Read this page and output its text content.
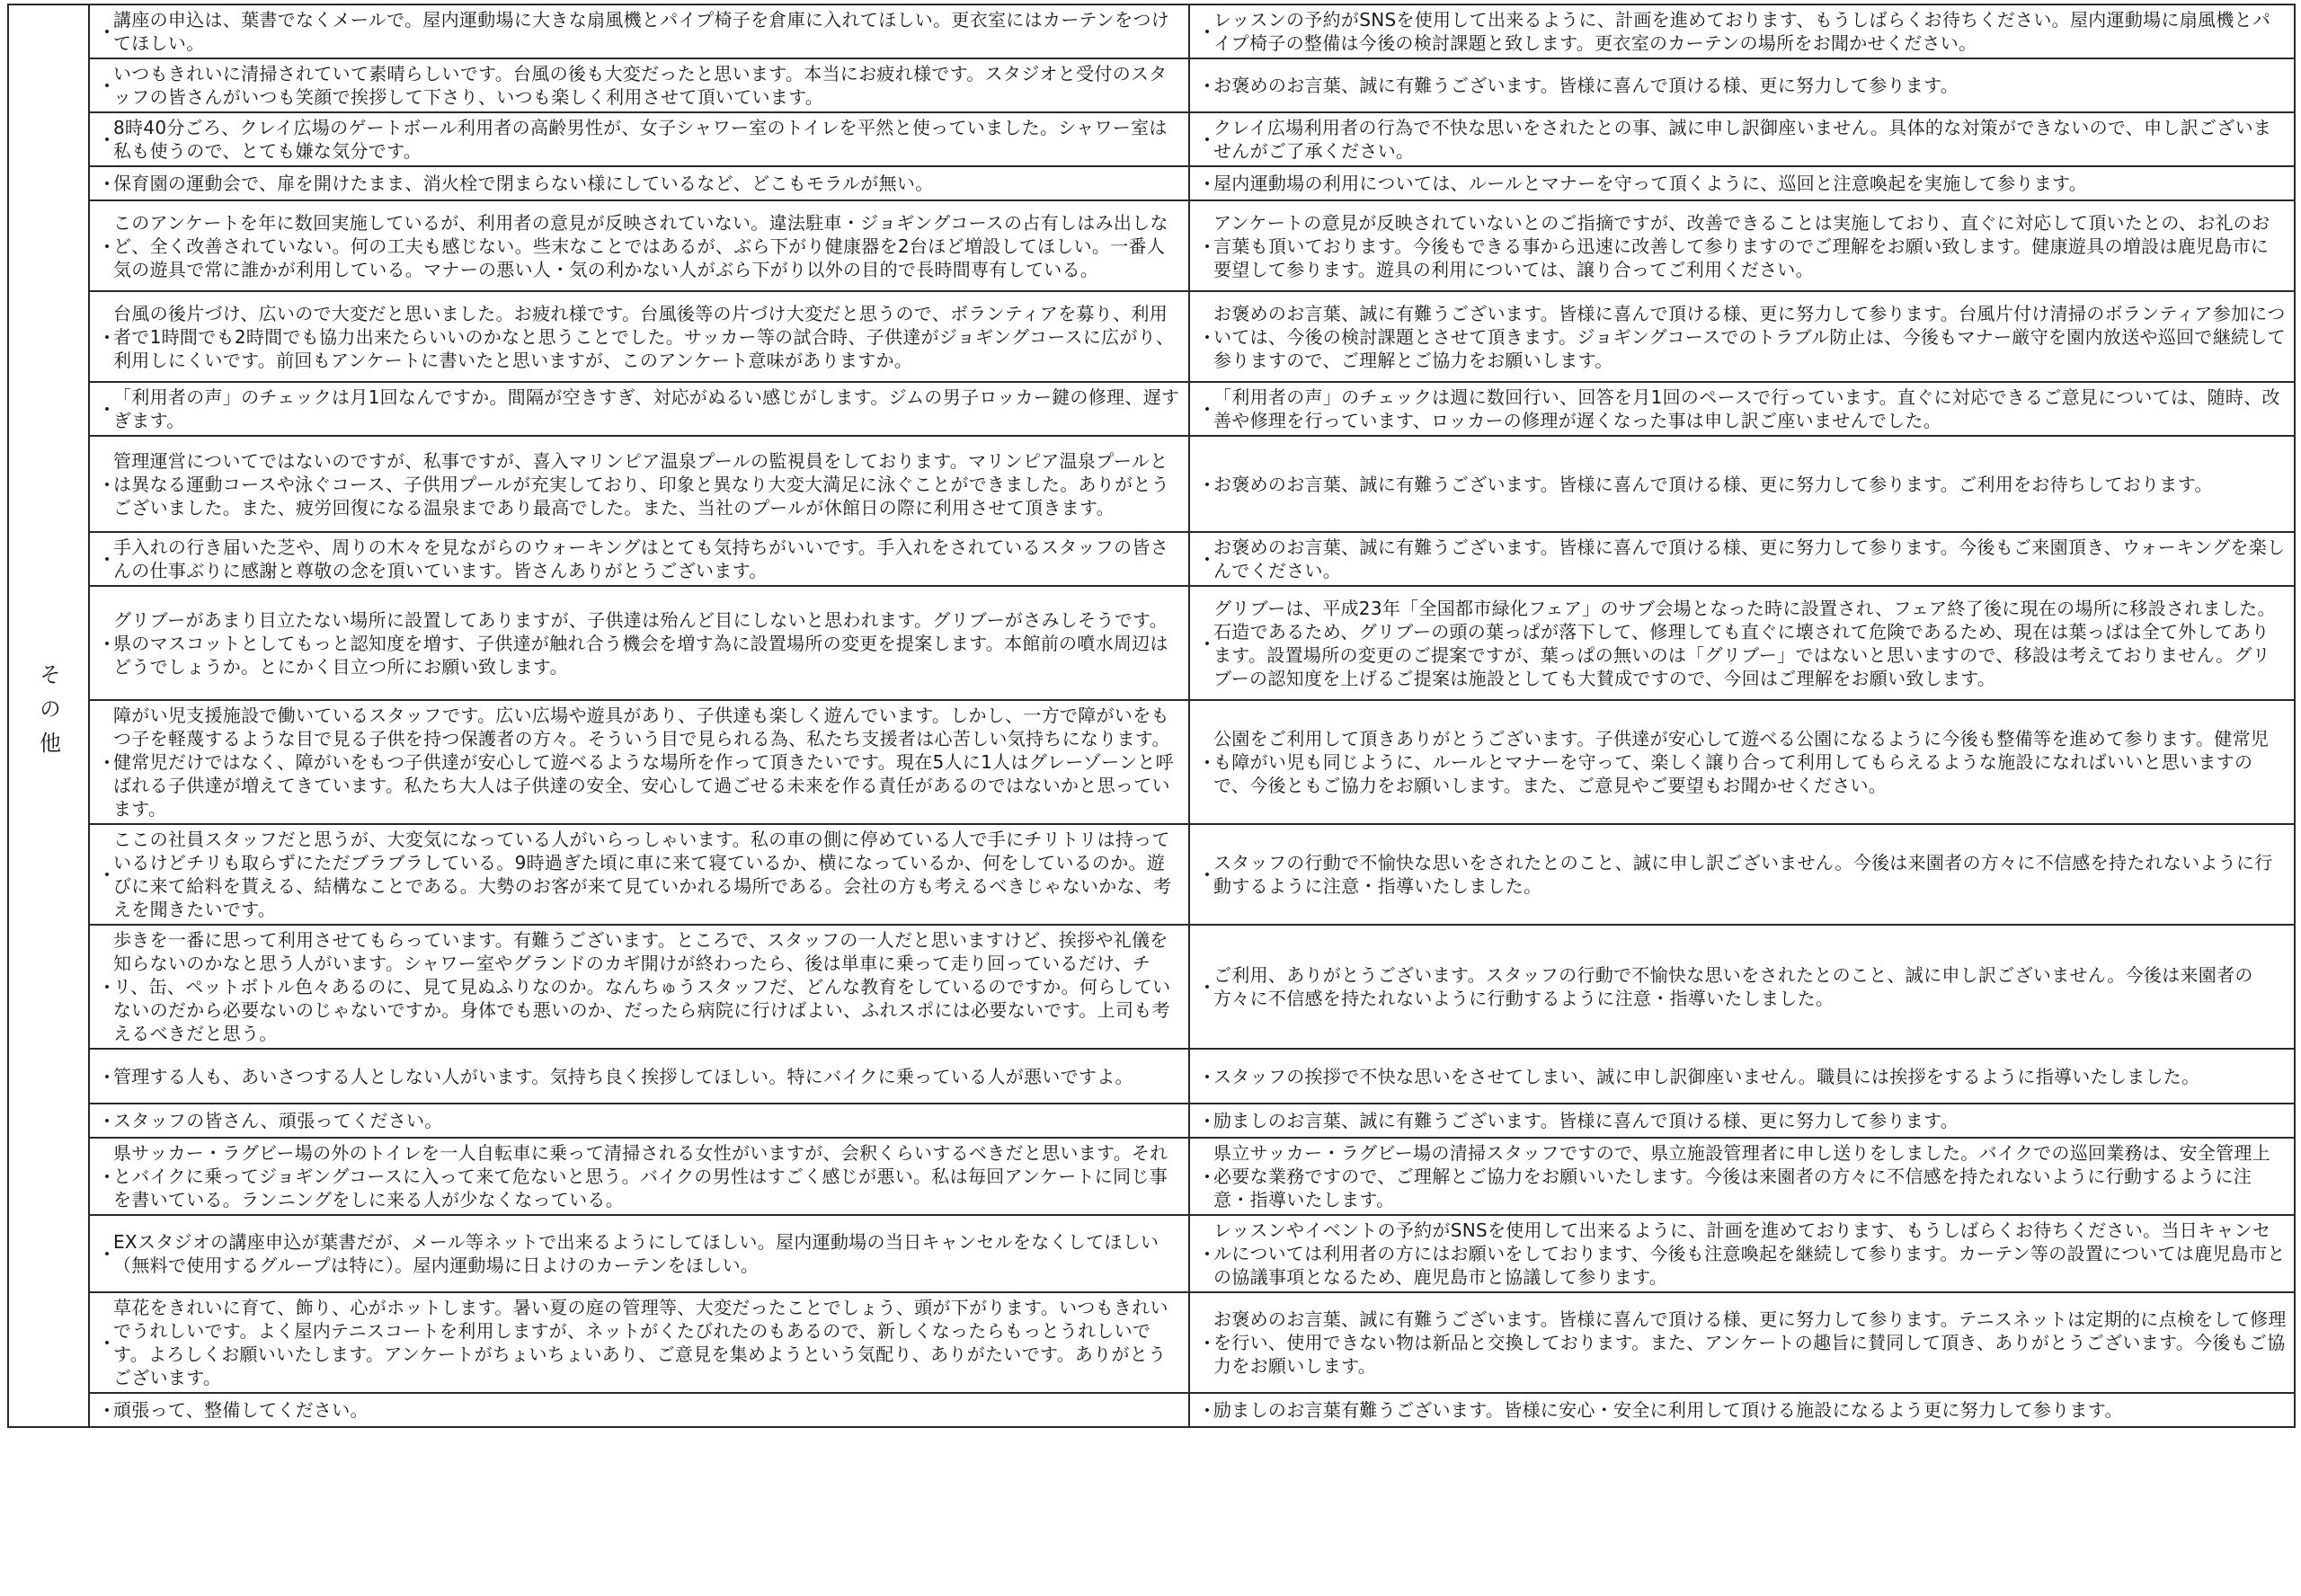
その他	・
講座の申込は、葉書でなくメールで。屋内運動場に大きな扇風機とパイプ椅子を倉庫に入れてほしい。更衣室にはカーテンをつけてほしい。	・
レッスンの予約がSNSを使用して出来るように、計画を進めております、もうしばらくお待ちください。屋内運動場に扇風機とパイプ椅子の整備は今後の検討課題と致します。更衣室のカーテンの場所をお聞かせください。

	・
いつもきれいに清掃されていて素晴らしいです。台風の後も大変だったと思います。本当にお疲れ様です。スタジオと受付のスタッフの皆さんがいつも笑顔で挨拶して下さり、いつも楽しく利用させて頂いています。	・
お褒めのお言葉、誠に有難うございます。皆様に喜んで頂ける様、更に努力して参ります。

	・
8時40分ごろ、クレイ広場のゲートボール利用者の高齢男性が、女子シャワー室のトイレを平然と使っていました。シャワー室は私も使うので、とても嫌な気分です。	・
クレイ広場利用者の行為で不快な思いをされたとの事、誠に申し訳御座いません。具体的な対策ができないので、申し訳ございませんがご了承ください。

	・
保育園の運動会で、扉を開けたまま、消火栓で閉まらない様にしているなど、どこもモラルが無い。	・
屋内運動場の利用については、ルールとマナーを守って頂くように、巡回と注意喚起を実施して参ります。

	・
このアンケートを年に数回実施しているが、利用者の意見が反映されていない。違法駐車・ジョギングコースの占有しはみ出しなど、全く改善されていない。何の工夫も感じない。些末なことではあるが、ぶら下がり健康器を2台ほど増設してほしい。一番人気の遊具で常に誰かが利用している。マナーの悪い人・気の利かない人がぶら下がり以外の目的で長時間専有している。	・
アンケートの意見が反映されていないとのご指摘ですが、改善できることは実施しており、直ぐに対応して頂いたとの、お礼のお言葉も頂いております。今後もできる事から迅速に改善して参りますのでご理解をお願い致します。健康遊具の増設は鹿児島市に要望して参ります。遊具の利用については、譲り合ってご利用ください。

	・
台風の後片づけ、広いので大変だと思いました。お疲れ様です。台風後等の片づけ大変だと思うので、ボランティアを募り、利用者で1時間でも2時間でも協力出来たらいいのかなと思うことでした。サッカー等の試合時、子供達がジョギングコースに広がり、利用しにくいです。前回もアンケートに書いたと思いますが、このアンケート意味がありますか。	・
お褒めのお言葉、誠に有難うございます。皆様に喜んで頂ける様、更に努力して参ります。台風片付け清掃のボランティア参加については、今後の検討課題とさせて頂きます。ジョギングコースでのトラブル防止は、今後もマナー厳守を園内放送や巡回で継続して参りますので、ご理解とご協力をお願いします。

	・
「利用者の声」のチェックは月1回なんですか。間隔が空きすぎ、対応がぬるい感じがします。ジムの男子ロッカー鍵の修理、遅すぎます。	・
「利用者の声」のチェックは週に数回行い、回答を月1回のペースで行っています。直ぐに対応できるご意見については、随時、改善や修理を行っています、ロッカーの修理が遅くなった事は申し訳ご座いませんでした。

	・
管理運営についてではないのですが、私事ですが、喜入マリンピア温泉プールの監視員をしております。マリンピア温泉プールとは異なる運動コースや泳ぐコース、子供用プールが充実しており、印象と異なり大変大満足に泳ぐことができました。ありがとうございました。また、疲労回復になる温泉まであり最高でした。また、当社のプールが休館日の際に利用させて頂きます。	・
お褒めのお言葉、誠に有難うございます。皆様に喜んで頂ける様、更に努力して参ります。ご利用をお待ちしております。

	・
手入れの行き届いた芝や、周りの木々を見ながらのウォーキングはとても気持ちがいいです。手入れをされているスタッフの皆さんの仕事ぶりに感謝と尊敬の念を頂いています。皆さんありがとうございます。	・
お褒めのお言葉、誠に有難うございます。皆様に喜んで頂ける様、更に努力して参ります。今後もご来園頂き、ウォーキングを楽しんでください。

	・
グリブーがあまり目立たない場所に設置してありますが、子供達は殆んど目にしないと思われます。グリブーがさみしそうです。県のマスコットとしてもっと認知度を増す、子供達が触れ合う機会を増す為に設置場所の変更を提案します。本館前の噴水周辺はどうでしょうか。とにかく目立つ所にお願い致します。	・
グリブーは、平成23年「全国都市緑化フェア」のサブ会場となった時に設置され、フェア終了後に現在の場所に移設されました。石造であるため、グリブーの頭の葉っぱが落下して、修理しても直ぐに壊されて危険であるため、現在は葉っぱは全て外してあります。設置場所の変更のご提案ですが、葉っぱの無いのは「グリブー」ではないと思いますので、移設は考えておりません。グリブーの認知度を上げるご提案は施設としても大賛成ですので、今回はご理解をお願い致します。

	・
障がい児支援施設で働いているスタッフです。広い広場や遊具があり、子供達も楽しく遊んでいます。しかし、一方で障がいをもつ子を軽蔑するような目で見る子供を持つ保護者の方々。そういう目で見られる為、私たち支援者は心苦しい気持ちになります。健常児だけではなく、障がいをもつ子供達が安心して遊べるような場所を作って頂きたいです。現在5人に1人はグレーゾーンと呼ばれる子供達が増えてきています。私たち大人は子供達の安全、安心して過ごせる未来を作る責任があるのではないかと思っています。	・
公園をご利用して頂きありがとうございます。子供達が安心して遊べる公園になるように今後も整備等を進めて参ります。健常児も障がい児も同じように、ルールとマナーを守って、楽しく譲り合って利用してもらえるような施設になればいいと思いますので、今後ともご協力をお願いします。また、ご意見やご要望もお聞かせください。

	・
ここの社員スタッフだと思うが、大変気になっている人がいらっしゃいます。私の車の側に停めている人で手にチリトリは持っているけどチリも取らずにただブラブラしている。9時過ぎた頃に車に来て寝ているか、横になっているか、何をしているのか。遊びに来て給料を貰える、結構なことである。大勢のお客が来て見ていかれる場所である。会社の方も考えるべきじゃないかな、考えを聞きたいです。	・
スタッフの行動で不愉快な思いをされたとのこと、誠に申し訳ございません。今後は来園者の方々に不信感を持たれないように行動するように注意・指導いたしました。

	・
歩きを一番に思って利用させてもらっています。有難うございます。ところで、スタッフの一人だと思いますけど、挨拶や礼儀を知らないのかなと思う人がいます。シャワー室やグランドのカギ開けが終わったら、後は単車に乗って走り回っているだけ、チリ、缶、ペットボトル色々あるのに、見て見ぬふりなのか。なんちゅうスタッフだ、どんな教育をしているのですか。何らしていないのだから必要ないのじゃないですか。身体でも悪いのか、だったら病院に行けばよい、ふれスポには必要ないです。上司も考えるべきだと思う。	・
ご利用、ありがとうございます。スタッフの行動で不愉快な思いをされたとのこと、誠に申し訳ございません。今後は来園者の方々に不信感を持たれないように行動するように注意・指導いたしました。

	・
管理する人も、あいさつする人としない人がいます。気持ち良く挨拶してほしい。特にバイクに乗っている人が悪いですよ。	・
スタッフの挨拶で不快な思いをさせてしまい、誠に申し訳御座いません。職員には挨拶をするように指導いたしました。

	・
スタッフの皆さん、頑張ってください。	・
励ましのお言葉、誠に有難うございます。皆様に喜んで頂ける様、更に努力して参ります。

	・
県サッカー・ラグビー場の外のトイレを一人自転車に乗って清掃される女性がいますが、会釈くらいするべきだと思います。それとバイクに乗ってジョギングコースに入って来て危ないと思う。バイクの男性はすごく感じが悪い。私は毎回アンケートに同じ事を書いている。ランニングをしに来る人が少なくなっている。	・
県立サッカー・ラグビー場の清掃スタッフですので、県立施設管理者に申し送りをしました。バイクでの巡回業務は、安全管理上必要な業務ですので、ご理解とご協力をお願いいたします。今後は来園者の方々に不信感を持たれないように行動するように注意・指導いたします。

	・
EXスタジオの講座申込が葉書だが、メール等ネットで出来るようにしてほしい。屋内運動場の当日キャンセルをなくしてほしい（無料で使用するグループは特に）。屋内運動場に日よけのカーテンをほしい。	・
レッスンやイベントの予約がSNSを使用して出来るように、計画を進めております、もうしばらくお待ちください。当日キャンセルについては利用者の方にはお願いをしております、今後も注意喚起を継続して参ります。カーテン等の設置については鹿児島市との協議事項となるため、鹿児島市と協議して参ります。

	・
草花をきれいに育て、飾り、心がホットします。暑い夏の庭の管理等、大変だったことでしょう、頭が下がります。いつもきれいでうれしいです。よく屋内テニスコートを利用しますが、ネットがくたびれたのもあるので、新しくなったらもっとうれしいです。よろしくお願いいたします。アンケートがちょいちょいあり、ご意見を集めようという気配り、ありがたいです。ありがとうございます。	・
お褒めのお言葉、誠に有難うございます。皆様に喜んで頂ける様、更に努力して参ります。テニスネットは定期的に点検をして修理を行い、使用できない物は新品と交換しております。また、アンケートの趣旨に賛同して頂き、ありがとうございます。今後もご協力をお願いします。

	・
頑張って、整備してください。	・
励ましのお言葉有難うございます。皆様に安心・安全に利用して頂ける施設になるよう更に努力して参ります。
